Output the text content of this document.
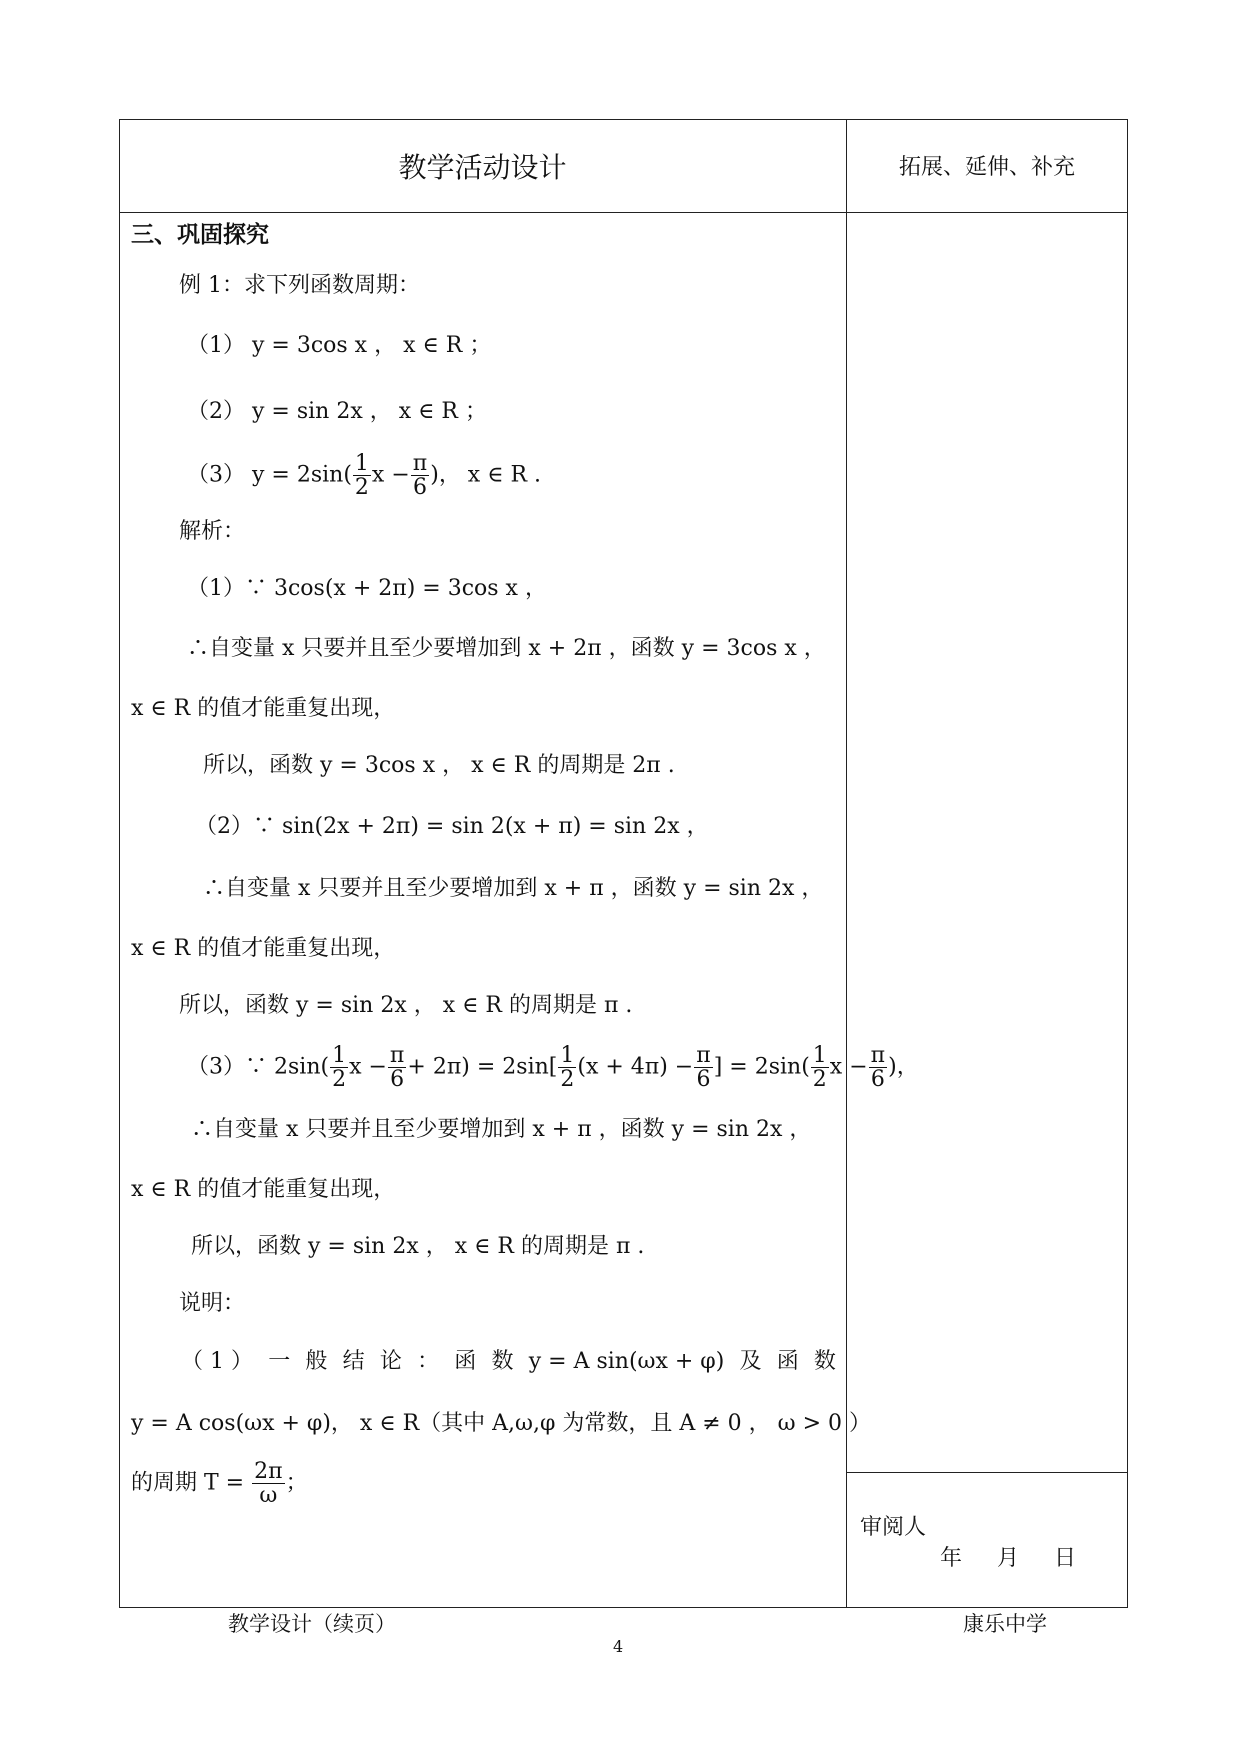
教学活动设计	拓展、延伸、补充
三、巩固探究
例 1：求下列函数周期：
（1） y = 3cos x ， x ∈ R ；
（2） y = sin 2x ， x ∈ R ；
（3） $y = 2\sin( \frac{1}{2}$ $x - \frac{\pi}{6}$ )， x ∈ R .
解析：
（1）∵ 3cos(x + 2π) = 3cos x ，
∴自变量 x 只要并且至少要增加到 x + 2π ，函数 y = 3cos x ，
x ∈ R 的值才能重复出现，
所以，函数 y = 3cos x ， x ∈ R 的周期是 2π .
（2）∵ sin(2x + 2π) = sin 2(x + π) = sin 2x ，
∴自变量 x 只要并且至少要增加到 x + π ，函数 y = sin 2x ，
x ∈ R 的值才能重复出现，
所以，函数 y = sin 2x ， x ∈ R 的周期是 π .
（3）∵ $2\sin( \frac{1}{2}$ $x - \frac{\pi}{6} + 2\pi) = 2\sin[ \frac{1}{2} (x + 4\pi) - \frac{\pi}{6}$ ] = $2\sin( \frac{1}{2}$ $x - \frac{\pi}{6}$ )，
∴自变量 x 只要并且至少要增加到 x + π ，函数 y = sin 2x ，
x ∈ R 的值才能重复出现，
所以，函数 y = sin 2x ， x ∈ R 的周期是 π .
说明：
（ 1 ） 一 般 结 论 ： 函 数 y = A sin(ωx + φ) 及 函 数
y = A cos(ωx + φ)， x ∈ R（其中 A,ω,φ 为常数，且 A ≠ 0 ， ω > 0 ）
的周期 $T = \frac{2\pi}{\omega}$ ；
审阅人
年 月 日
教学设计（续页）	康乐中学
4
